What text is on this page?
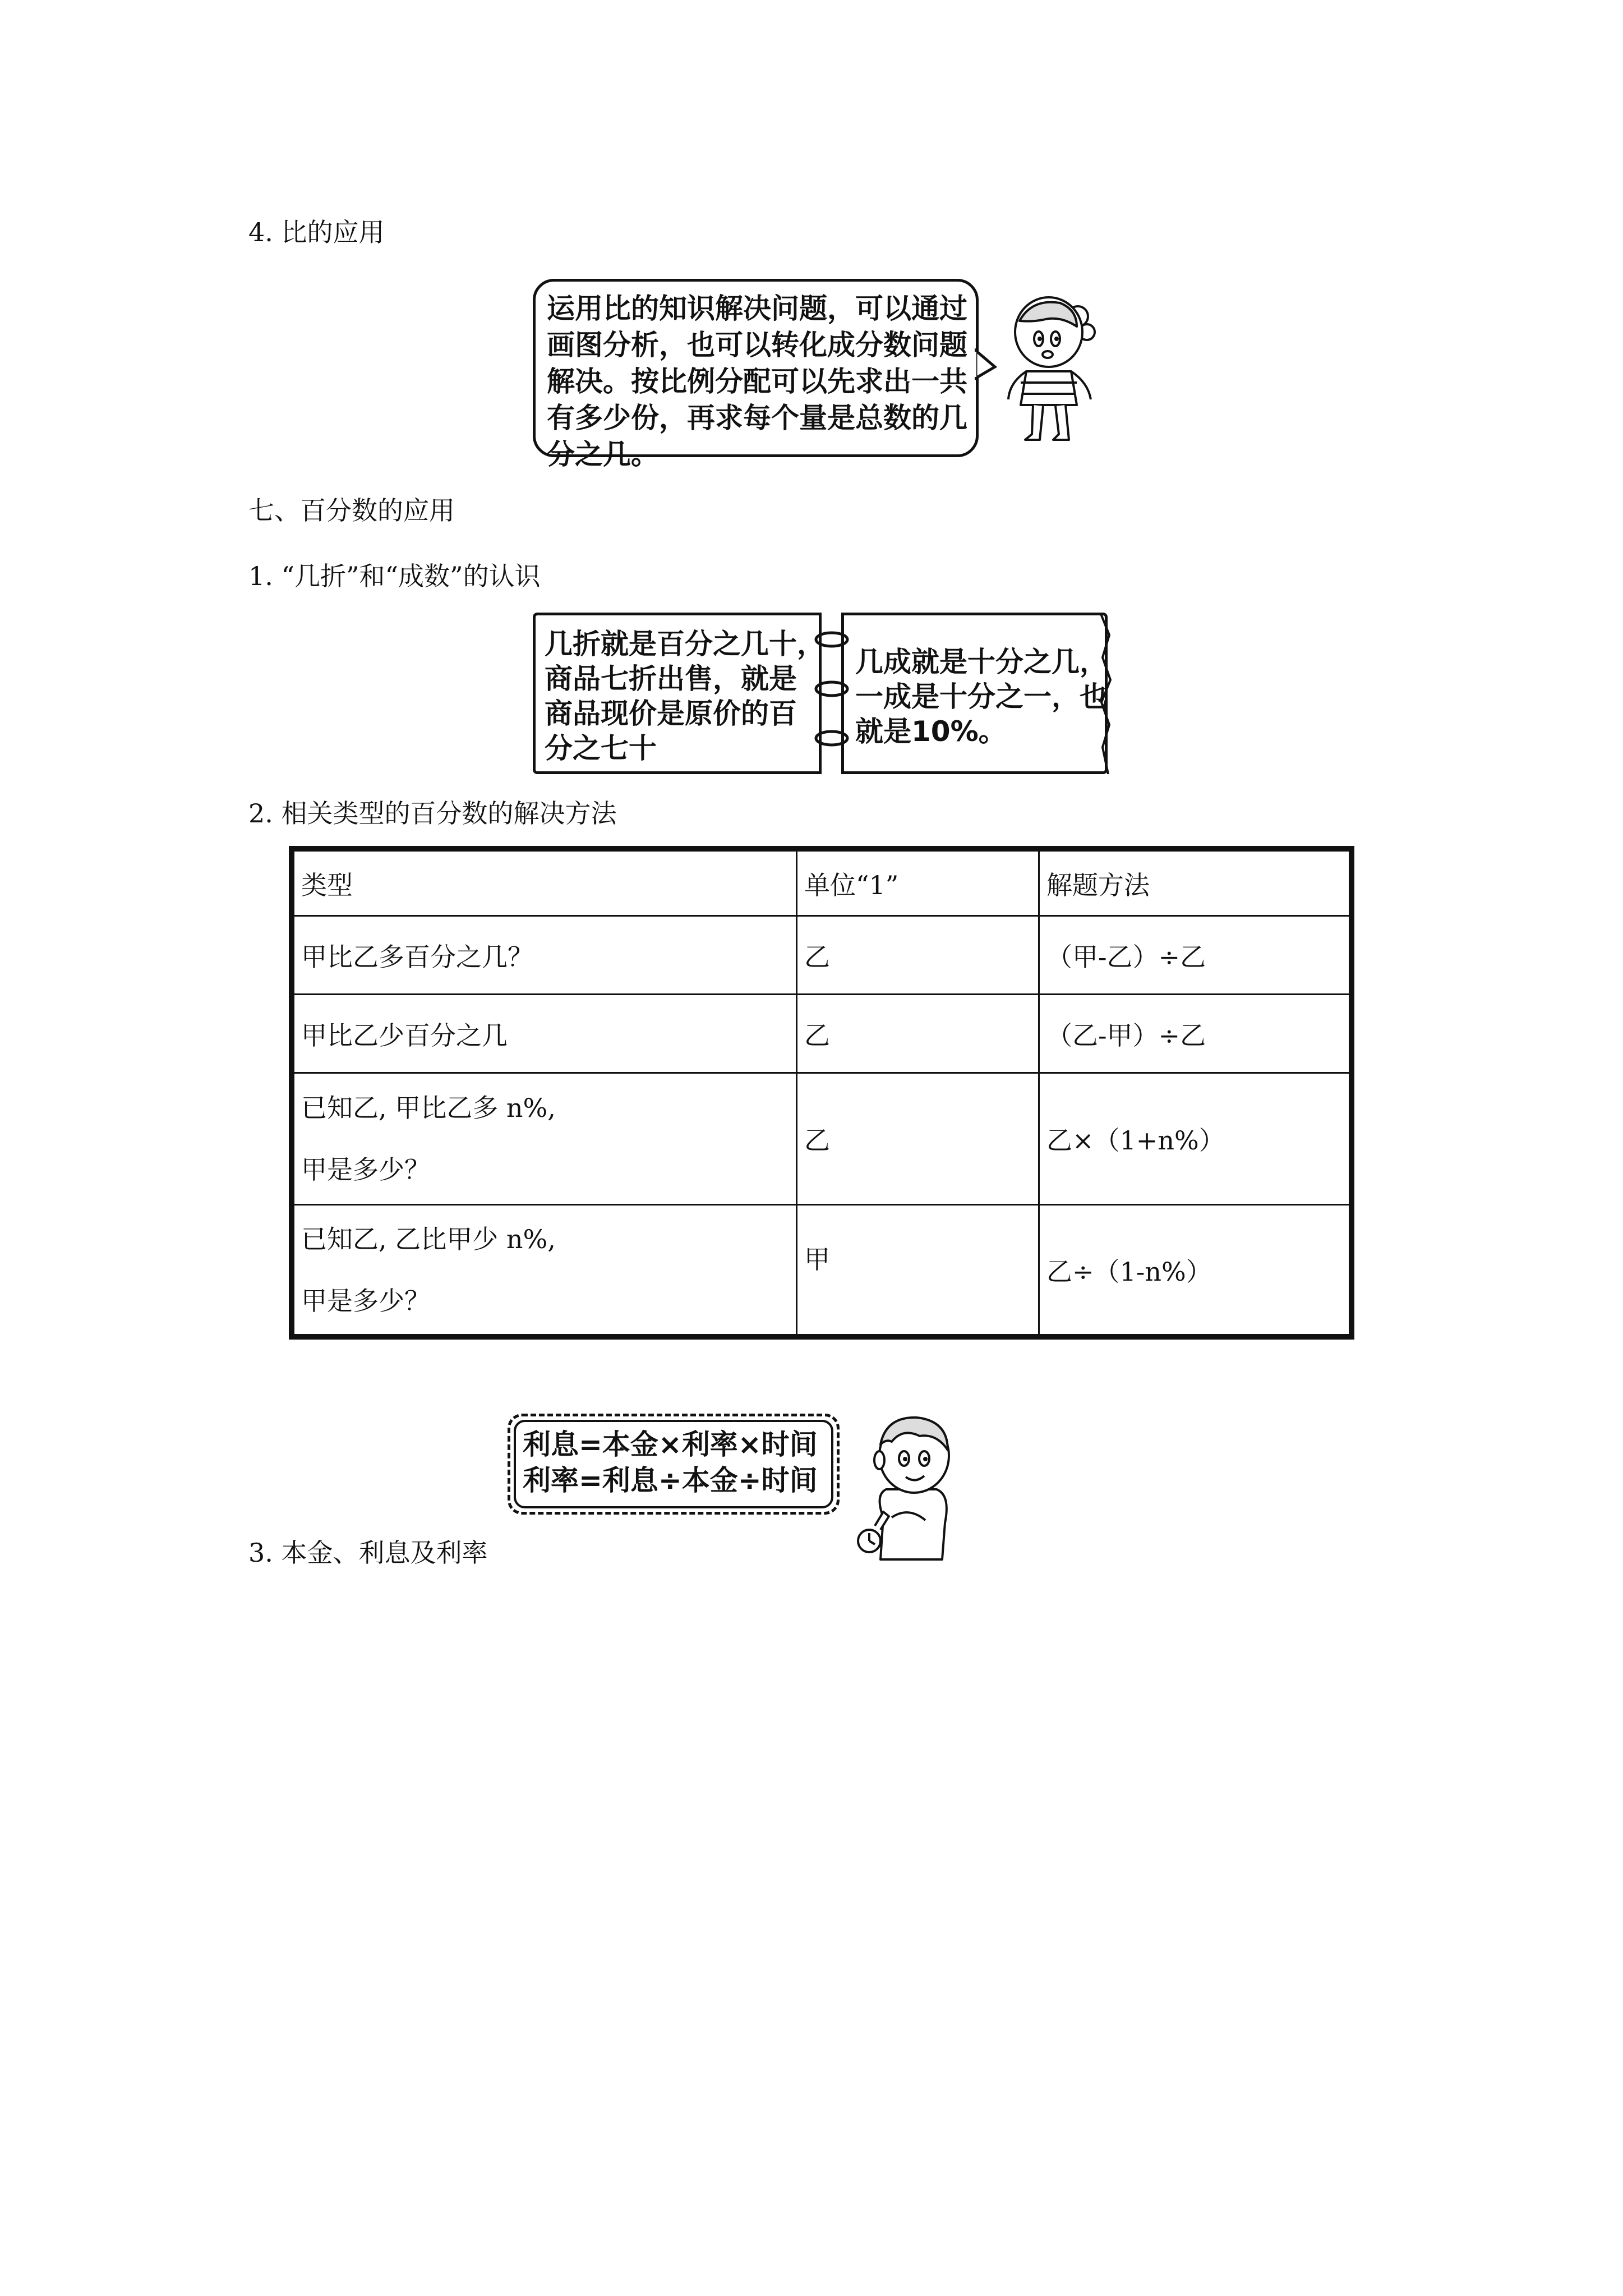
4. 比的应用
运用比的知识解决问题，可以通过
画图分析，也可以转化成分数问题
解决。按比例分配可以先求出一共
有多少份，再求每个量是总数的几
分之几。
七、百分数的应用
1. “几折”和“成数”的认识
几折就是百分之几十，
商品七折出售，就是
商品现价是原价的百
分之七十
几成就是十分之几，
一成是十分之一，也
就是10%。
2. 相关类型的百分数的解决方法
类型	单位“1”	解题方法
甲比乙多百分之几？	乙	（甲-乙）÷乙
甲比乙少百分之几	乙	（乙-甲）÷乙

已知乙, 甲比乙多 n%,
甲是多少？	乙	乙×（1+n%）

已知乙, 乙比甲少 n%,
甲是多少？	甲	乙÷（1-n%）
利息=本金×利率×时间
利率=利息÷本金÷时间
3. 本金、利息及利率
